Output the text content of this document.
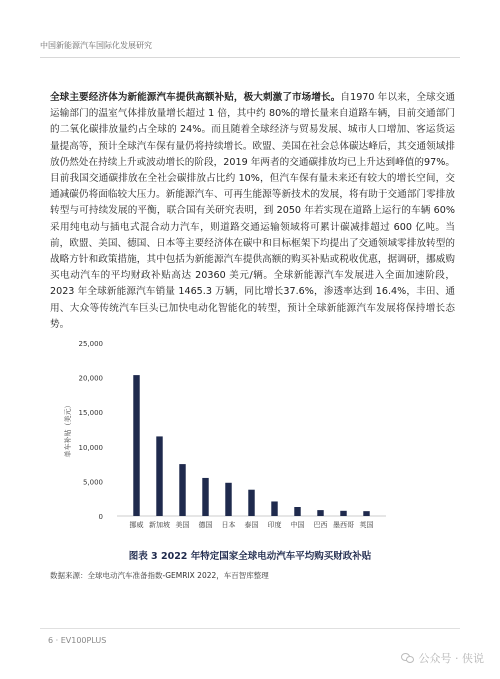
中国新能源汽车国际化发展研究
全球主要经济体为新能源汽车提供高额补贴，极大刺激了市场增长。自1970 年以来，全球交通运输部门的温室气体排放量增长超过 1 倍，其中约 80%的增长量来自道路车辆，目前交通部门的二氧化碳排放量约占全球的 24%。而且随着全球经济与贸易发展、城市人口增加、客运货运量提高等，预计全球汽车保有量仍将持续增长。欧盟、美国在社会总体碳达峰后，其交通领域排放仍然处在持续上升或波动增长的阶段，2019 年两者的交通碳排放均已上升达到峰值的97%。目前我国交通碳排放在全社会碳排放占比约 10%，但汽车保有量未来还有较大的增长空间，交通减碳仍将面临较大压力。新能源汽车、可再生能源等新技术的发展，将有助于交通部门零排放转型与可持续发展的平衡，联合国有关研究表明，到 2050 年若实现在道路上运行的车辆 60%采用纯电动与插电式混合动力汽车，则道路交通运输领域将可累计碳减排超过 600 亿吨。当前，欧盟、美国、德国、日本等主要经济体在碳中和目标框架下均提出了交通领域零排放转型的战略方针和政策措施，其中包括为新能源汽车提供高额的购买补贴或税收优惠，据调研，挪威购买电动汽车的平均财政补贴高达 20360 美元/辆。全球新能源汽车发展进入全面加速阶段，2023 年全球新能源汽车销量 1465.3 万辆，同比增长37.6%，渗透率达到 16.4%，丰田、通用、大众等传统汽车巨头已加快电动化智能化的转型，预计全球新能源汽车发展将保持增长态势。
0
5,000
10,000
15,000
20,000
25,000
单车补贴（美元）
挪威 新加坡 美国 德国 日本 泰国 印度 中国 巴西 墨西哥 英国
图表 3 2022 年特定国家全球电动汽车平均购买财政补贴
数据来源：全球电动汽车准备指数-GEMRIX 2022，车百智库整理
6 · EV100PLUS
公众号 · 侠说
